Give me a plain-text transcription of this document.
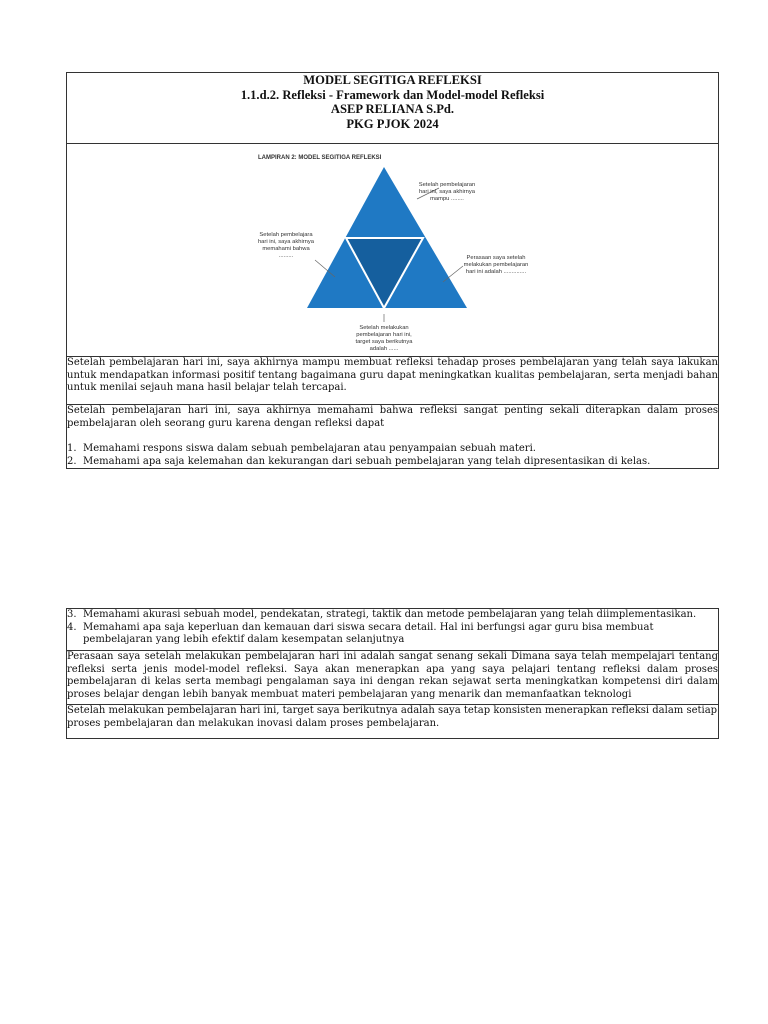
MODEL SEGITIGA REFLEKSI
1.1.d.2. Refleksi - Framework dan Model-model Refleksi
ASEP RELIANA S.Pd.
PKG PJOK 2024

LAMPIRAN 2: MODEL SEGITIGA REFLEKSI
Setelah pembelajaran
hari ini, saya akhirnya
mampu ........
Setelah pembelajara
hari ini, saya akhirnya
memahami bahwa
.........	Perasaan saya setelah
melakukan pembelajaran
hari ini adalah ..............
Setelah melakukan
pembelajaran hari ini,
target saya berikutnya
adalah ......

Setelah pembelajaran hari ini, saya akhirnya mampu membuat refleksi tehadap proses pembelajaran yang telah saya lakukan untuk mendapatkan informasi positif tentang bagaimana guru dapat meningkatkan kualitas pembelajaran, serta menjadi bahan untuk menilai sejauh mana hasil belajar telah tercapai.

Setelah pembelajaran hari ini, saya akhirnya memahami bahwa refleksi sangat penting sekali diterapkan dalam proses pembelajaran oleh seorang guru karena dengan refleksi dapat

1. Memahami respons siswa dalam sebuah pembelajaran atau penyampaian sebuah materi.
2. Memahami apa saja kelemahan dan kekurangan dari sebuah pembelajaran yang telah dipresentasikan di kelas.
3. Memahami akurasi sebuah model, pendekatan, strategi, taktik dan metode pembelajaran yang telah diimplementasikan.
4. Memahami apa saja keperluan dan kemauan dari siswa secara detail. Hal ini berfungsi agar guru bisa membuat pembelajaran yang lebih efektif dalam kesempatan selanjutnya

Perasaan saya setelah melakukan pembelajaran hari ini adalah sangat senang sekali Dimana saya telah mempelajari tentang refleksi serta jenis model-model refleksi. Saya akan menerapkan apa yang saya pelajari tentang refleksi dalam proses pembelajaran di kelas serta membagi pengalaman saya ini dengan rekan sejawat serta meningkatkan kompetensi diri dalam proses belajar dengan lebih banyak membuat materi pembelajaran yang menarik dan memanfaatkan teknologi

Setelah melakukan pembelajaran hari ini, target saya berikutnya adalah saya tetap konsisten menerapkan refleksi dalam setiap

proses pembelajaran dan melakukan inovasi dalam proses pembelajaran.
